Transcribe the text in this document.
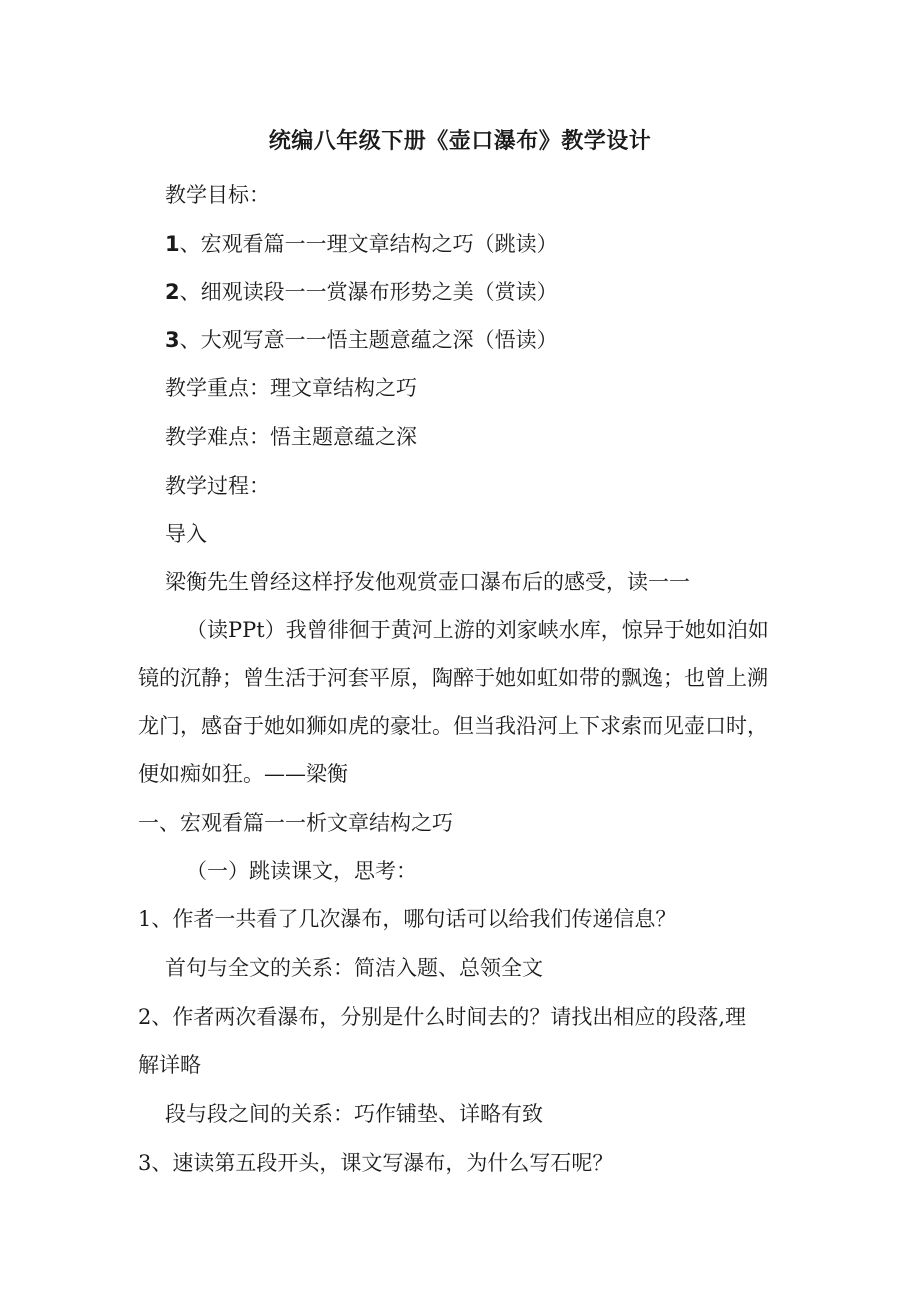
统编八年级下册《壶口瀑布》教学设计
教学目标：
1、宏观看篇一一理文章结构之巧（跳读）
2、细观读段一一赏瀑布形势之美（赏读）
3、大观写意一一悟主题意蕴之深（悟读）
教学重点：理文章结构之巧
教学难点：悟主题意蕴之深
教学过程：
导入
梁衡先生曾经这样抒发他观赏壶口瀑布后的感受，读一一
（读PPt）我曾徘徊于黄河上游的刘家峡水库，惊异于她如泊如
镜的沉静；曾生活于河套平原，陶醉于她如虹如带的飘逸；也曾上溯
龙门，感奋于她如狮如虎的豪壮。但当我沿河上下求索而见壶口时，
便如痴如狂。——梁衡
一、宏观看篇一一析文章结构之巧
（一）跳读课文，思考：
1、作者一共看了几次瀑布，哪句话可以给我们传递信息？
首句与全文的关系：简洁入题、总领全文
2、作者两次看瀑布，分别是什么时间去的？请找出相应的段落,理
解详略
段与段之间的关系：巧作铺垫、详略有致
3、速读第五段开头，课文写瀑布，为什么写石呢？
